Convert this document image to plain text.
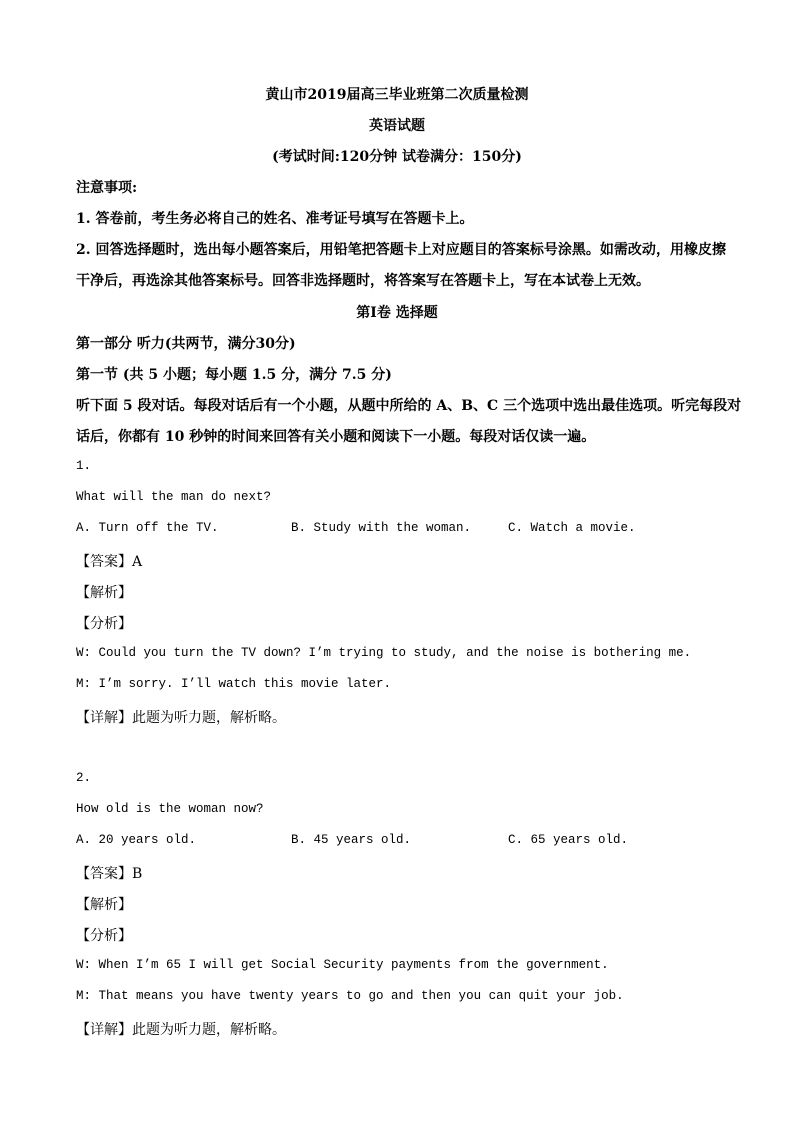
黄山市2019届高三毕业班第二次质量检测
英语试题
(考试时间:120分钟 试卷满分：150分)
注意事项:
1. 答卷前，考生务必将自己的姓名、准考证号填写在答题卡上。
2. 回答选择题时，选出每小题答案后，用铅笔把答题卡上对应题目的答案标号涂黑。如需改动，用橡皮擦
干净后，再选涂其他答案标号。回答非选择题时，将答案写在答题卡上，写在本试卷上无效。
第Ⅰ卷 选择题
第一部分 听力(共两节，满分30分)
第一节 (共 5 小题；每小题 1.5 分，满分 7.5 分)
听下面 5 段对话。每段对话后有一个小题，从题中所给的 A、B、C 三个选项中选出最佳选项。听完每段对
话后，你都有 10 秒钟的时间来回答有关小题和阅读下一小题。每段对话仅读一遍。
1.
What will the man do next?
A. Turn off the TV.	B. Study with the woman.	C. Watch a movie.
【答案】A
【解析】
【分析】
W: Could you turn the TV down? I’m trying to study, and the noise is bothering me.
M: I’m sorry. I’ll watch this movie later.
【详解】此题为听力题，解析略。
2.
How old is the woman now?
A. 20 years old.	B. 45 years old.	C. 65 years old.
【答案】B
【解析】
【分析】
W: When I’m 65 I will get Social Security payments from the government.
M: That means you have twenty years to go and then you can quit your job.
【详解】此题为听力题，解析略。
